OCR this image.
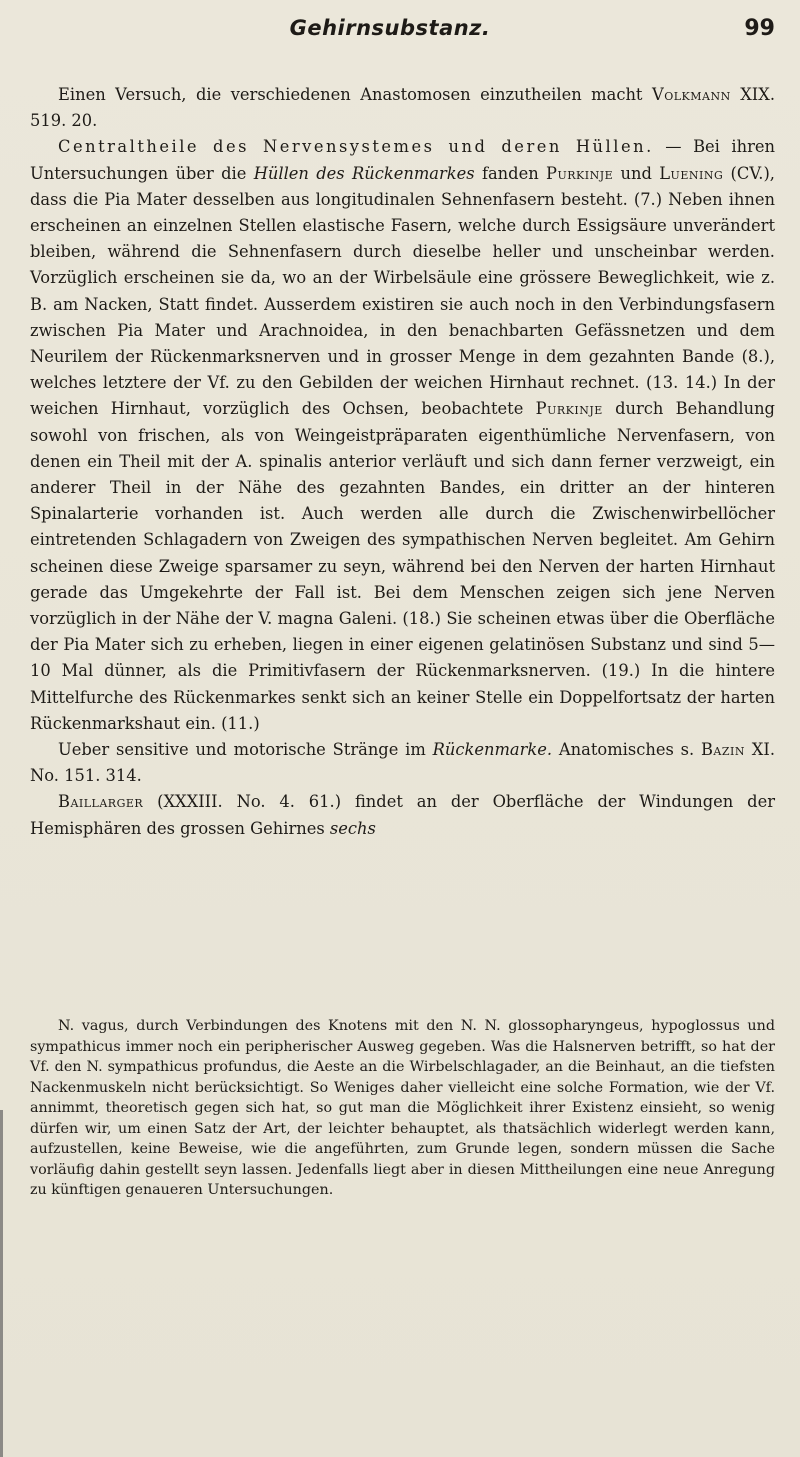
Gehirnsubstanz.	99

Einen Versuch, die verschiedenen Anastomosen einzutheilen macht Volkmann XIX. 519. 20.

Centraltheile des Nervensystemes und deren Hüllen. — Bei ihren Untersuchungen über die Hüllen des Rückenmarkes fanden Purkinje und Luening (CV.), dass die Pia Mater desselben aus longitudinalen Sehnenfasern besteht. (7.) Neben ihnen erscheinen an einzelnen Stellen elastische Fasern, welche durch Essigsäure unverändert bleiben, während die Sehnenfasern durch dieselbe heller und unscheinbar werden. Vorzüglich erscheinen sie da, wo an der Wirbelsäule eine grössere Beweglichkeit, wie z. B. am Nacken, Statt findet. Ausserdem existiren sie auch noch in den Verbindungsfasern zwischen Pia Mater und Arachnoidea, in den benachbarten Gefässnetzen und dem Neurilem der Rückenmarksnerven und in grosser Menge in dem gezahnten Bande (8.), welches letztere der Vf. zu den Gebilden der weichen Hirnhaut rechnet. (13. 14.) In der weichen Hirnhaut, vorzüglich des Ochsen, beobachtete Purkinje durch Behandlung sowohl von frischen, als von Weingeistpräparaten eigenthümliche Nervenfasern, von denen ein Theil mit der A. spinalis anterior verläuft und sich dann ferner verzweigt, ein anderer Theil in der Nähe des gezahnten Bandes, ein dritter an der hinteren Spinalarterie vorhanden ist. Auch werden alle durch die Zwischenwirbellöcher eintretenden Schlagadern von Zweigen des sympathischen Nerven begleitet. Am Gehirn scheinen diese Zweige sparsamer zu seyn, während bei den Nerven der harten Hirnhaut gerade das Umgekehrte der Fall ist. Bei dem Menschen zeigen sich jene Nerven vorzüglich in der Nähe der V. magna Galeni. (18.) Sie scheinen etwas über die Oberfläche der Pia Mater sich zu erheben, liegen in einer eigenen gelatinösen Substanz und sind 5—10 Mal dünner, als die Primitivfasern der Rückenmarksnerven. (19.) In die hintere Mittelfurche des Rückenmarkes senkt sich an keiner Stelle ein Doppelfortsatz der harten Rückenmarkshaut ein. (11.)

Ueber sensitive und motorische Stränge im Rückenmarke. Anatomisches s. Bazin XI. No. 151. 314.

Baillarger (XXXIII. No. 4. 61.) findet an der Oberfläche der Windungen der Hemisphären des grossen Gehirnes sechs

N. vagus, durch Verbindungen des Knotens mit den N. N. glossopharyngeus, hypoglossus und sympathicus immer noch ein peripherischer Ausweg gegeben. Was die Halsnerven betrifft, so hat der Vf. den N. sympathicus profundus, die Aeste an die Wirbelschlagader, an die Beinhaut, an die tiefsten Nackenmuskeln nicht berücksichtigt. So Weniges daher vielleicht eine solche Formation, wie der Vf. annimmt, theoretisch gegen sich hat, so gut man die Möglichkeit ihrer Existenz einsieht, so wenig dürfen wir, um einen Satz der Art, der leichter behauptet, als thatsächlich widerlegt werden kann, aufzustellen, keine Beweise, wie die angeführten, zum Grunde legen, sondern müssen die Sache vorläufig dahin gestellt seyn lassen. Jedenfalls liegt aber in diesen Mittheilungen eine neue Anregung zu künftigen genaueren Untersuchungen.
